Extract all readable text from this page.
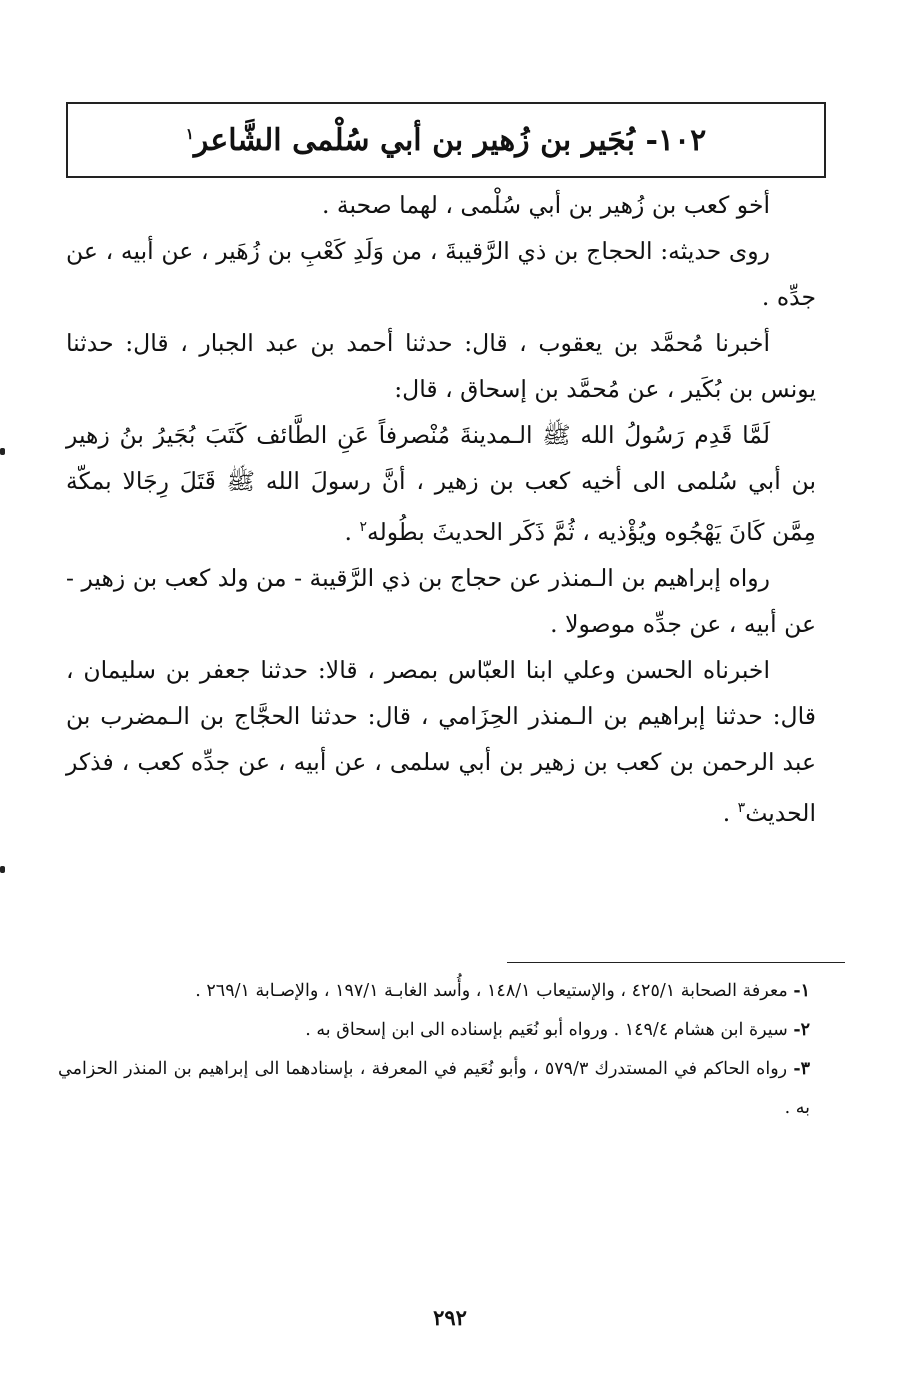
١٠٢- بُجَير بن زُهير بن أبي سُلْمى الشَّاعر$^١$

أخو كعب بن زُهير بن أبي سُلْمى ، لهما صحبة .

روى حديثه: الحجاج بن ذي الرَّقيبةَ ، من وَلَدِ كَعْبِ بن زُهَير ، عن أبيه ، عن جدِّه .

أخبرنا مُحمَّد بن يعقوب ، قال: حدثنا أحمد بن عبد الجبار ، قال: حدثنا يونس بن بُكَير ، عن مُحمَّد بن إسحاق ، قال:

لَمَّا قَدِم رَسُولُ الله ﷺ الـمدينةَ مُنْصرفاً عَنِ الطَّائف كَتَبَ بُجَيرُ بنُ زهير بن أبي سُلمى الى أخيه كعب بن زهير ، أنَّ رسولَ الله ﷺ قَتَلَ رِجَالا بمكّة مِمَّن كَانَ يَهْجُوه ويُؤْذيه ، ثُمَّ ذَكَر الحديثَ بطُوله$^٢$ .

رواه إبراهيم بن الـمنذر عن حجاج بن ذي الرَّقيبة - من ولد كعب بن زهير - عن أبيه ، عن جدِّه موصولا .

اخبرناه الحسن وعلي ابنا العبّاس بمصر ، قالا: حدثنا جعفر بن سليمان ، قال: حدثنا إبراهيم بن الـمنذر الحِزَامي ، قال: حدثنا الحجَّاج بن الـمضرب بن عبد الرحمن بن كعب بن زهير بن أبي سلمى ، عن أبيه ، عن جدِّه كعب ، فذكر الحديث$^٣$ .

١- معرفة الصحابة ٤٢٥/١ ، والإستيعاب ١٤٨/١ ، وأُسد الغابـة ١٩٧/١ ، والإصـابة ٢٦٩/١ .

٢- سيرة ابن هشام ١٤٩/٤ . ورواه أبو نُعَيم بإسناده الى ابن إسحاق به .

٣- رواه الحاكم في المستدرك ٥٧٩/٣ ، وأبو نُعَيم في المعرفة ، بإسنادهما الى إبراهيم بن المنذر الحزامي به .

٢٩٢
